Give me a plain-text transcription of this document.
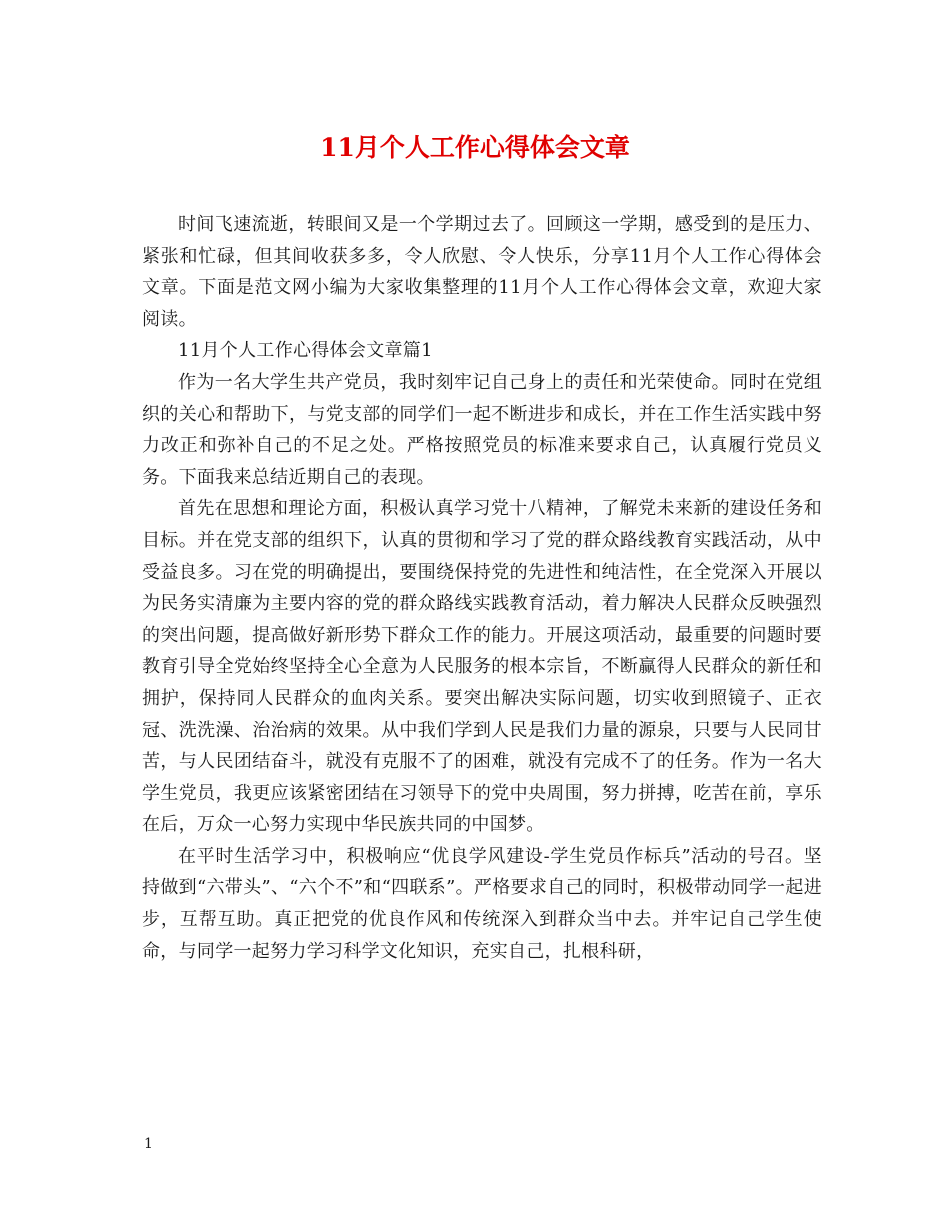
11月个人工作心得体会文章

时间飞速流逝，转眼间又是一个学期过去了。回顾这一学期，感受到的是压力、紧张和忙碌，但其间收获多多，令人欣慰、令人快乐，分享11月个人工作心得体会文章。下面是范文网小编为大家收集整理的11月个人工作心得体会文章，欢迎大家阅读。

11月个人工作心得体会文章篇1

作为一名大学生共产党员，我时刻牢记自己身上的责任和光荣使命。同时在党组织的关心和帮助下，与党支部的同学们一起不断进步和成长，并在工作生活实践中努力改正和弥补自己的不足之处。严格按照党员的标准来要求自己，认真履行党员义务。下面我来总结近期自己的表现。

首先在思想和理论方面，积极认真学习党十八精神，了解党未来新的建设任务和目标。并在党支部的组织下，认真的贯彻和学习了党的群众路线教育实践活动，从中受益良多。习在党的明确提出，要围绕保持党的先进性和纯洁性，在全党深入开展以为民务实清廉为主要内容的党的群众路线实践教育活动，着力解决人民群众反映强烈的突出问题，提高做好新形势下群众工作的能力。开展这项活动，最重要的问题时要教育引导全党始终坚持全心全意为人民服务的根本宗旨，不断赢得人民群众的新任和拥护，保持同人民群众的血肉关系。要突出解决实际问题，切实收到照镜子、正衣冠、洗洗澡、治治病的效果。从中我们学到人民是我们力量的源泉，只要与人民同甘苦，与人民团结奋斗，就没有克服不了的困难，就没有完成不了的任务。作为一名大学生党员，我更应该紧密团结在习领导下的党中央周围，努力拼搏，吃苦在前，享乐在后，万众一心努力实现中华民族共同的中国梦。

在平时生活学习中，积极响应“优良学风建设-学生党员作标兵”活动的号召。坚持做到“六带头”、“六个不”和“四联系”。严格要求自己的同时，积极带动同学一起进步，互帮互助。真正把党的优良作风和传统深入到群众当中去。并牢记自己学生使命，与同学一起努力学习科学文化知识，充实自己，扎根科研，

1
